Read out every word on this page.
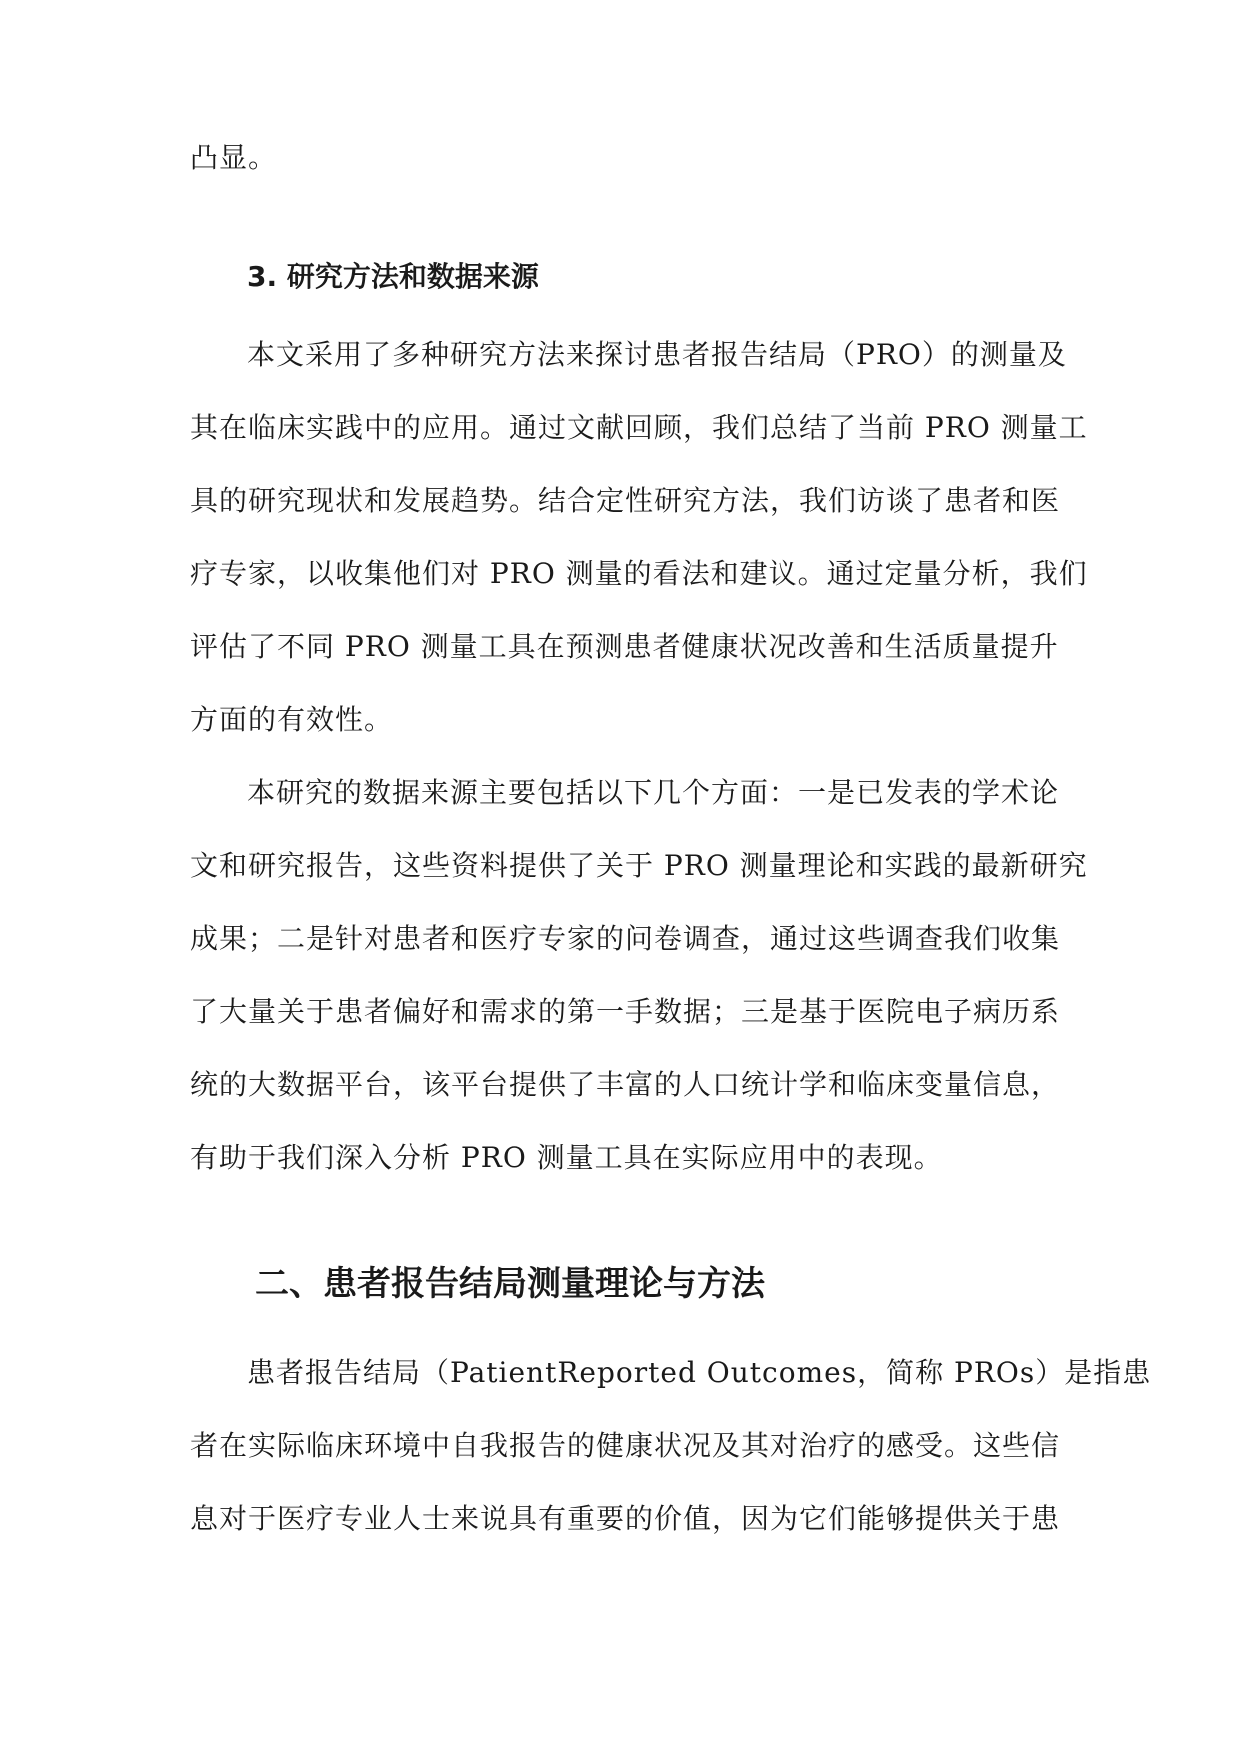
凸显。
3. 研究方法和数据来源
本文采用了多种研究方法来探讨患者报告结局（PRO）的测量及
其在临床实践中的应用。通过文献回顾，我们总结了当前 PRO 测量工
具的研究现状和发展趋势。结合定性研究方法，我们访谈了患者和医
疗专家，以收集他们对 PRO 测量的看法和建议。通过定量分析，我们
评估了不同 PRO 测量工具在预测患者健康状况改善和生活质量提升
方面的有效性。
本研究的数据来源主要包括以下几个方面：一是已发表的学术论
文和研究报告，这些资料提供了关于 PRO 测量理论和实践的最新研究
成果；二是针对患者和医疗专家的问卷调查，通过这些调查我们收集
了大量关于患者偏好和需求的第一手数据；三是基于医院电子病历系
统的大数据平台，该平台提供了丰富的人口统计学和临床变量信息，
有助于我们深入分析 PRO 测量工具在实际应用中的表现。
二、患者报告结局测量理论与方法
患者报告结局（PatientReported Outcomes，简称 PROs）是指患
者在实际临床环境中自我报告的健康状况及其对治疗的感受。这些信
息对于医疗专业人士来说具有重要的价值，因为它们能够提供关于患
